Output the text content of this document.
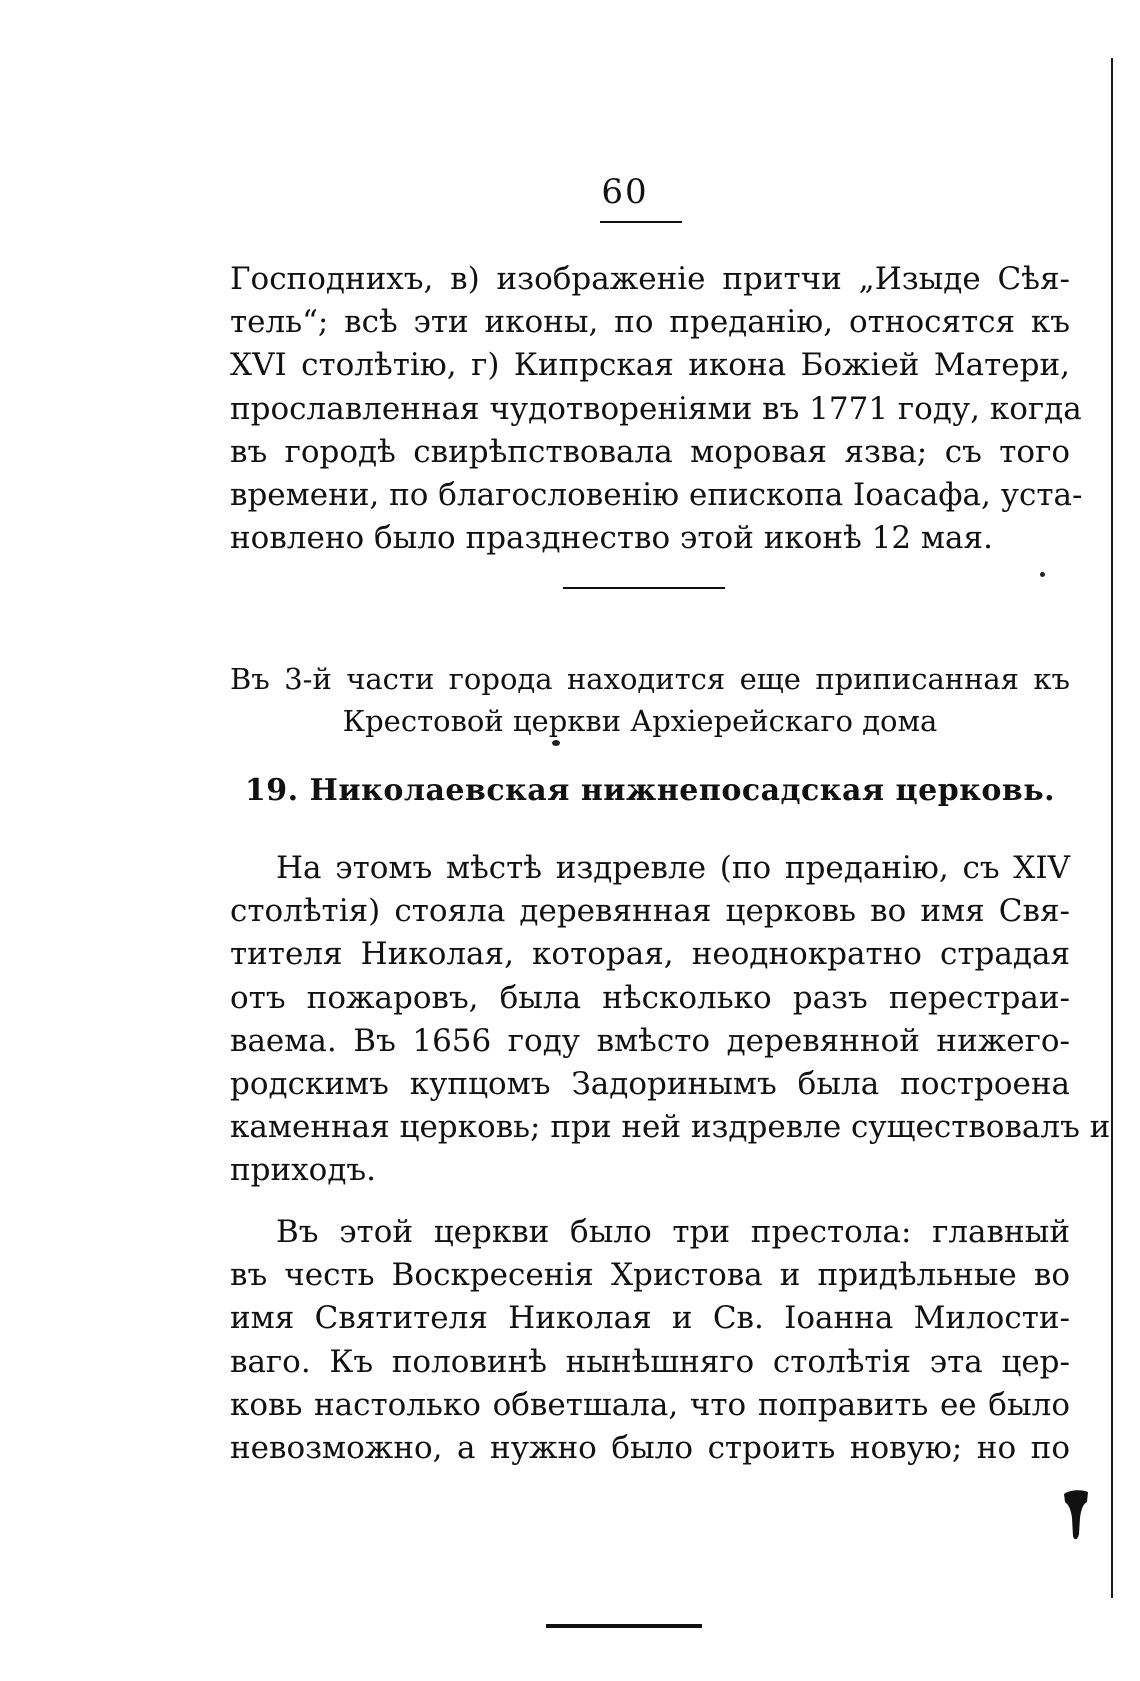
60
Господнихъ, в) изображеніе притчи „Изыде Сѣя-
тель“; всѣ эти иконы, по преданію, относятся къ
XVI столѣтію, г) Кипрская икона Божіей Матери,
прославленная чудотвореніями въ 1771 году, когда
въ городѣ свирѣпствовала моровая язва; съ того
времени, по благословенію епископа Іоасафа, уста-
новлено было празднество этой иконѣ 12 мая.
Въ 3-й части города находится еще приписанная къ
Крестовой церкви Архіерейскаго дома
19. Николаевская нижнепосадская церковь.
На этомъ мѣстѣ издревле (по преданію, съ XIV
столѣтія) стояла деревянная церковь во имя Свя-
тителя Николая, которая, неоднократно страдая
отъ пожаровъ, была нѣсколько разъ перестраи-
ваема. Въ 1656 году вмѣсто деревянной нижего-
родскимъ купцомъ Задоринымъ была построена
каменная церковь; при ней издревле существовалъ и
приходъ.
Въ этой церкви было три престола: главный
въ честь Воскресенія Христова и придѣльные во
имя Святителя Николая и Св. Іоанна Милости-
ваго. Къ половинѣ нынѣшняго столѣтія эта цер-
ковь настолько обветшала, что поправить ее было
невозможно, а нужно было строить новую; но по
